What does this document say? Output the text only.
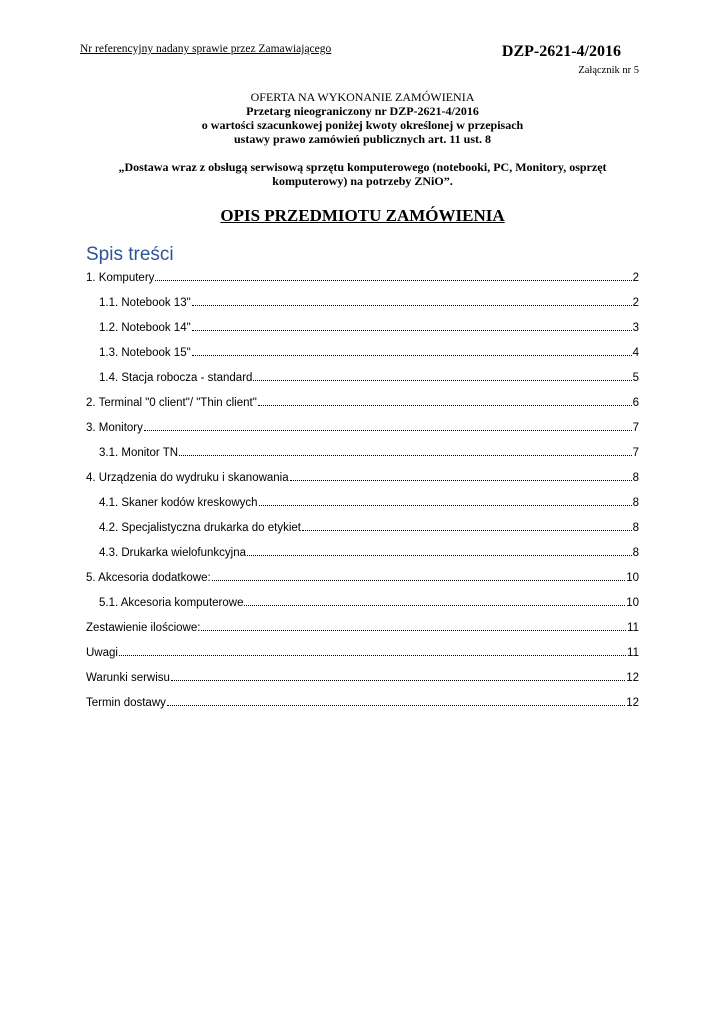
Nr referencyjny nadany sprawie przez Zamawiającego	DZP-2621-4/2016
Załącznik nr 5
OFERTA NA WYKONANIE ZAMÓWIENIA
Przetarg nieograniczony nr DZP-2621-4/2016
o wartości szacunkowej poniżej kwoty określonej w przepisach
ustawy prawo zamówień publicznych art. 11 ust. 8
„Dostawa wraz z obsługą serwisową sprzętu komputerowego (notebooki, PC, Monitory, osprzęt
komputerowy) na potrzeby ZNiO”.
OPIS PRZEDMIOTU ZAMÓWIENIA
Spis treści
1. Komputery	2
1.1. Notebook 13"	2
1.2. Notebook 14"	3
1.3. Notebook 15"	4
1.4. Stacja robocza - standard	5
2. Terminal "0 client"/ "Thin client"	6
3. Monitory	7
3.1. Monitor TN	7
4. Urządzenia do wydruku i skanowania	8
4.1. Skaner kodów kreskowych	8
4.2. Specjalistyczna drukarka do etykiet	8
4.3. Drukarka wielofunkcyjna	8
5. Akcesoria dodatkowe:	10
5.1. Akcesoria komputerowe	10
Zestawienie ilościowe:	11
Uwagi	11
Warunki serwisu	12
Termin dostawy	12
